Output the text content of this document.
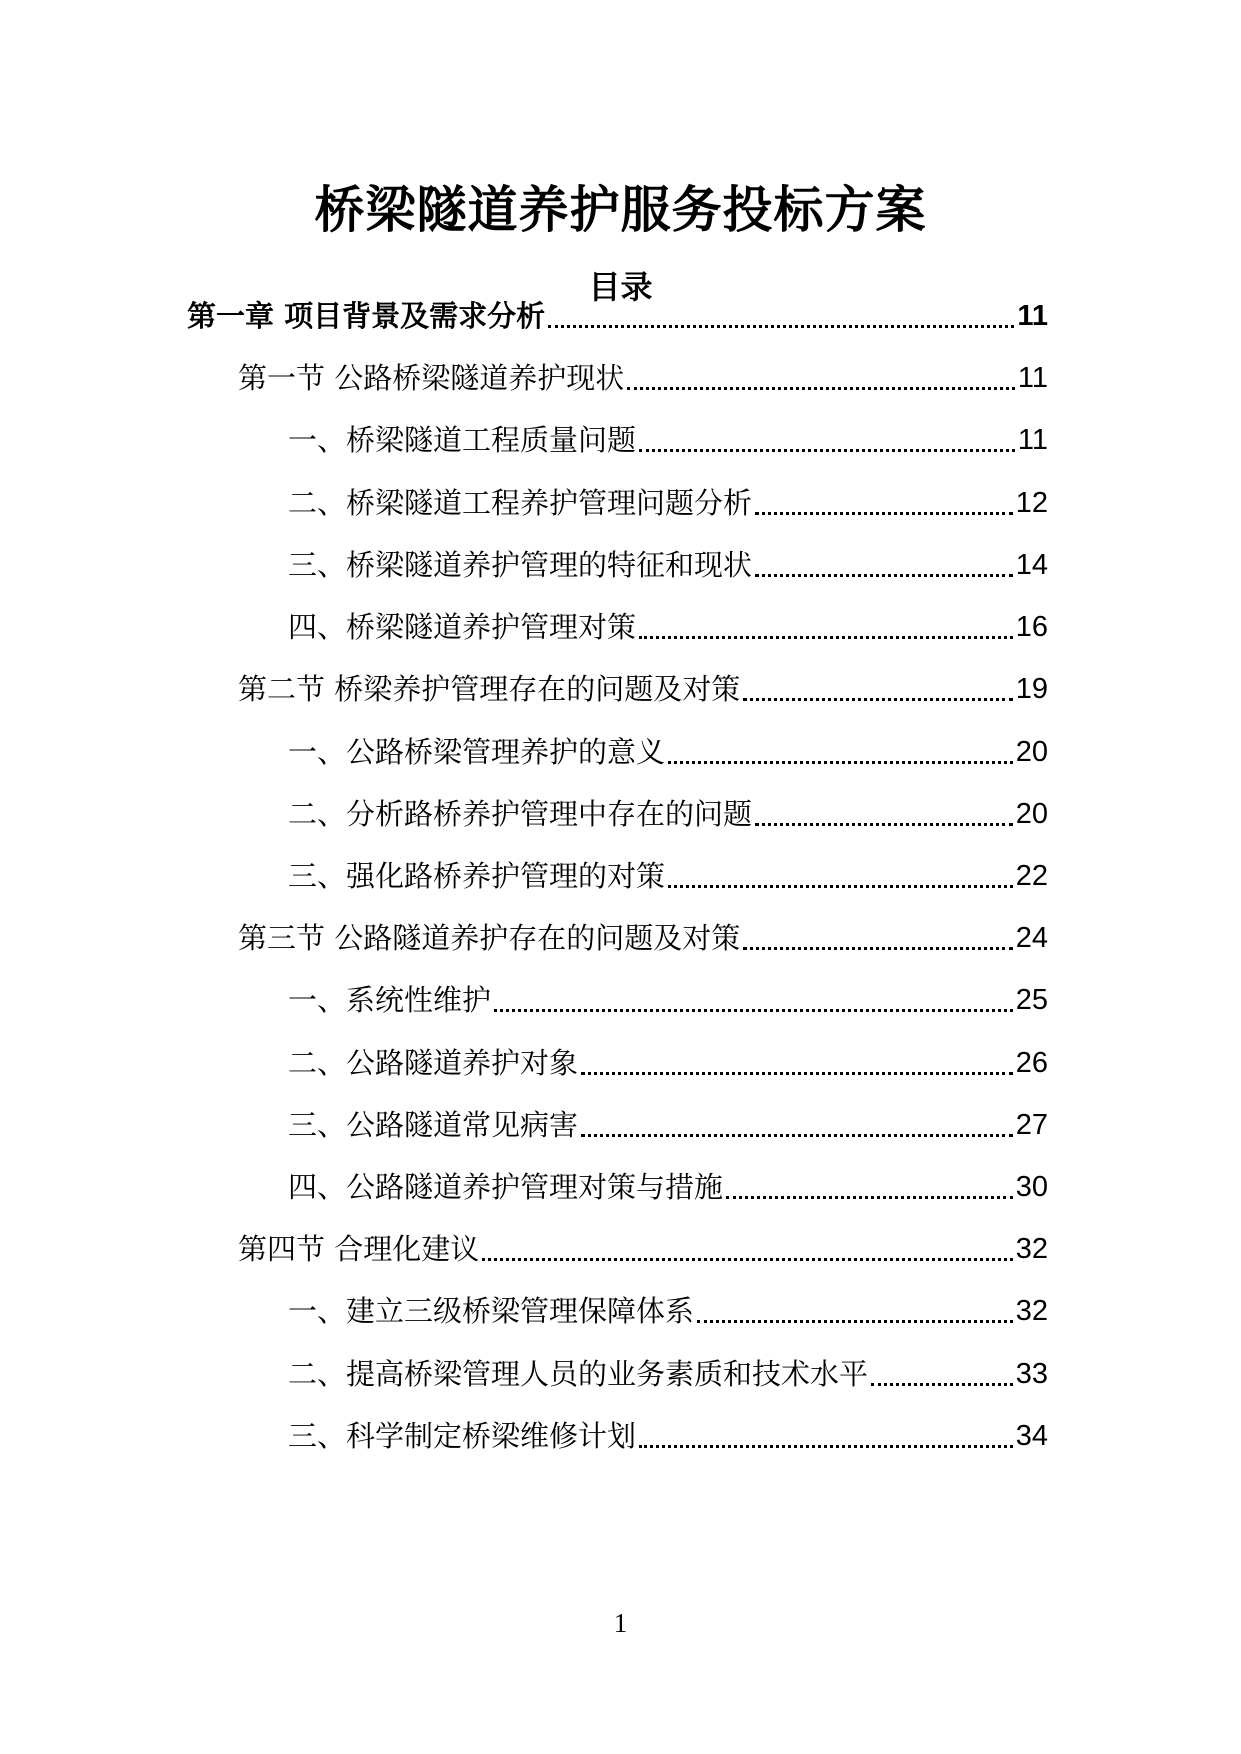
桥梁隧道养护服务投标方案
目录
第一章 项目背景及需求分析	11
第一节 公路桥梁隧道养护现状	11
一、桥梁隧道工程质量问题	11
二、桥梁隧道工程养护管理问题分析	12
三、桥梁隧道养护管理的特征和现状	14
四、桥梁隧道养护管理对策	16
第二节 桥梁养护管理存在的问题及对策	19
一、公路桥梁管理养护的意义	20
二、分析路桥养护管理中存在的问题	20
三、强化路桥养护管理的对策	22
第三节 公路隧道养护存在的问题及对策	24
一、系统性维护	25
二、公路隧道养护对象	26
三、公路隧道常见病害	27
四、公路隧道养护管理对策与措施	30
第四节 合理化建议	32
一、建立三级桥梁管理保障体系	32
二、提高桥梁管理人员的业务素质和技术水平	33
三、科学制定桥梁维修计划	34
1
